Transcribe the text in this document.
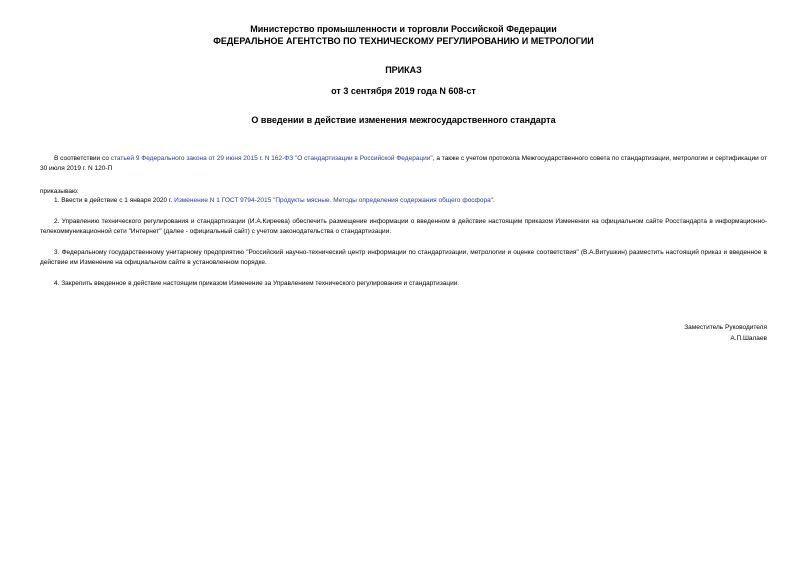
Министерство промышленности и торговли Российской Федерации
ФЕДЕРАЛЬНОЕ АГЕНТСТВО ПО ТЕХНИЧЕСКОМУ РЕГУЛИРОВАНИЮ И МЕТРОЛОГИИ
ПРИКАЗ
от 3 сентября 2019 года N 608-ст
О введении в действие изменения межгосударственного стандарта
В соответствии со статьей 9 Федерального закона от 29 июня 2015 г. N 162-ФЗ "О стандартизации в Российской Федерации", а также с учетом протокола Межгосударственного совета по стандартизации, метрологии и сертификации от 30 июля 2019 г. N 120-П
приказываю:
1. Ввести в действие с 1 января 2020 г. Изменение N 1 ГОСТ 9794-2015 "Продукты мясные. Методы определения содержания общего фосфора".
2. Управлению технического регулирования и стандартизации (И.А.Киреева) обеспечить размещение информации о введенном в действие настоящим приказом Изменении на официальном сайте Росстандарта в информационно-телекоммуникационной сети "Интернет" (далее - официальный сайт) с учетом законодательства о стандартизации.
3. Федеральному государственному унитарному предприятию "Российский научно-технический центр информации по стандартизации, метрологии и оценке соответствия" (В.А.Витушкин) разместить настоящий приказ и введенное в действие им Изменение на официальном сайте в установленном порядке.
4. Закрепить введенное в действие настоящим приказом Изменение за Управлением технического регулирования и стандартизации.
Заместитель Руководителя
А.П.Шалаев
